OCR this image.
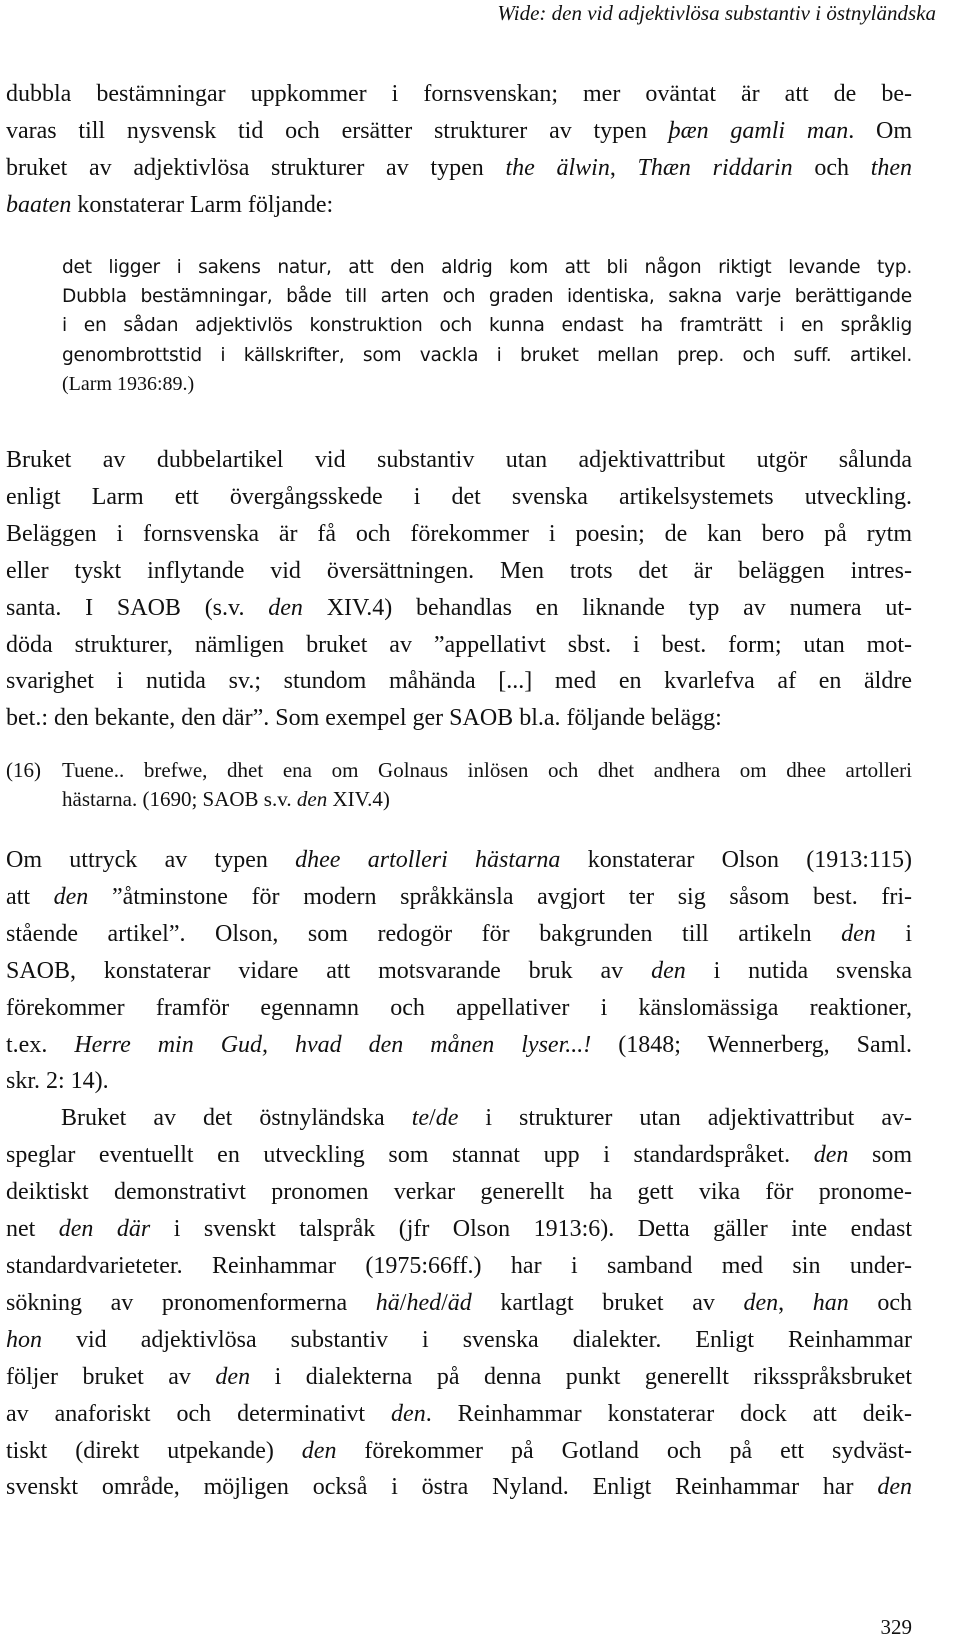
Wide: den vid adjektivlösa substantiv i östnyländska

dubbla bestämningar uppkommer i fornsvenskan; mer oväntat är att de be-
varas till nysvensk tid och ersätter strukturer av typen þæn gamli man. Om
bruket av adjektivlösa strukturer av typen the älwin, Thæn riddarin och then
baaten konstaterar Larm följande:

det ligger i sakens natur, att den aldrig kom att bli någon riktigt levande typ.
Dubbla bestämningar, både till arten och graden identiska, sakna varje berättigande
i en sådan adjektivlös konstruktion och kunna endast ha framträtt i en språklig
genombrottstid i källskrifter, som vackla i bruket mellan prep. och suff. artikel.
(Larm 1936:89.)

Bruket av dubbelartikel vid substantiv utan adjektivattribut utgör sålunda
enligt Larm ett övergångsskede i det svenska artikelsystemets utveckling.
Beläggen i fornsvenska är få och förekommer i poesin; de kan bero på rytm
eller tyskt inflytande vid översättningen. Men trots det är beläggen intres-
santa. I SAOB (s.v. den XIV.4) behandlas en liknande typ av numera ut-
döda strukturer, nämligen bruket av ”appellativt sbst. i best. form; utan mot-
svarighet i nutida sv.; stundom måhända [...] med en kvarlefva af en äldre
bet.: den bekante, den där”. Som exempel ger SAOB bl.a. följande belägg:

(16) Tuene.. brefwe, dhet ena om Golnaus inlösen och dhet andhera om dhee artolleri
hästarna. (1690; SAOB s.v. den XIV.4)

Om uttryck av typen dhee artolleri hästarna konstaterar Olson (1913:115)
att den ”åtminstone för modern språkkänsla avgjort ter sig såsom best. fri-
stående artikel”. Olson, som redogör för bakgrunden till artikeln den i
SAOB, konstaterar vidare att motsvarande bruk av den i nutida svenska
förekommer framför egennamn och appellativer i känslomässiga reaktioner,
t.ex. Herre min Gud, hvad den månen lyser...! (1848; Wennerberg, Saml.
skr. 2: 14).

Bruket av det östnyländska te/de i strukturer utan adjektivattribut av-
speglar eventuellt en utveckling som stannat upp i standardspråket. den som
deiktiskt demonstrativt pronomen verkar generellt ha gett vika för pronome-
net den där i svenskt talspråk (jfr Olson 1913:6). Detta gäller inte endast
standardvarieteter. Reinhammar (1975:66ff.) har i samband med sin under-
sökning av pronomenformerna hä/hed/äd kartlagt bruket av den, han och
hon vid adjektivlösa substantiv i svenska dialekter. Enligt Reinhammar
följer bruket av den i dialekterna på denna punkt generellt riksspråksbruket
av anaforiskt och determinativt den. Reinhammar konstaterar dock att deik-
tiskt (direkt utpekande) den förekommer på Gotland och på ett sydväst-
svenskt område, möjligen också i östra Nyland. Enligt Reinhammar har den

329
